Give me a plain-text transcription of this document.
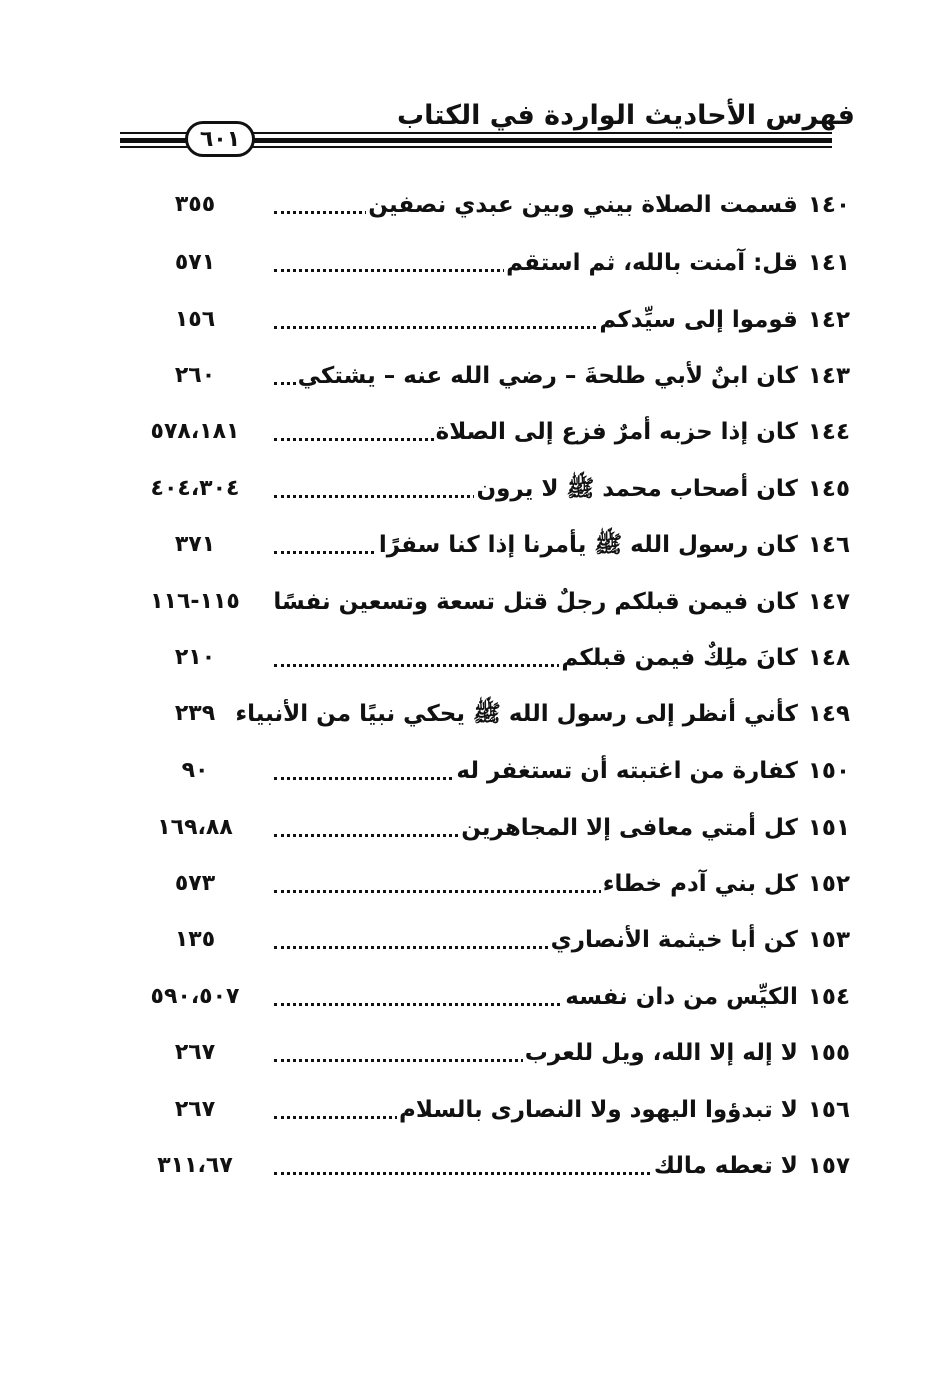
فهرس الأحاديث الواردة في الكتاب
٦٠١
١٤٠قسمت الصلاة بيني وبين عبدي نصفين
٣٥٥
١٤١قل: آمنت بالله، ثم استقم
٥٧١
١٤٢قوموا إلى سيِّدكم
١٥٦
١٤٣كان ابنٌ لأبي طلحةَ – رضي الله عنه – يشتكي
٢٦٠
١٤٤كان إذا حزبه أمرٌ فزع إلى الصلاة
٥٧٨،١٨١
١٤٥كان أصحاب محمد ﷺ لا يرون
٤٠٤،٣٠٤
١٤٦كان رسول الله ﷺ يأمرنا إذا كنا سفرًا
٣٧١
١٤٧كان فيمن قبلكم رجلٌ قتل تسعة وتسعين نفسًا
١١٥-١١٦
١٤٨كانَ ملِكٌ فيمن قبلكم
٢١٠
١٤٩كأني أنظر إلى رسول الله ﷺ يحكي نبيًا من الأنبياء
٢٣٩
١٥٠كفارة من اغتبته أن تستغفر له
٩٠
١٥١كل أمتي معافى إلا المجاهرين
١٦٩،٨٨
١٥٢كل بني آدم خطاء
٥٧٣
١٥٣كن أبا خيثمة الأنصاري
١٣٥
١٥٤الكيِّس من دان نفسه
٥٩٠،٥٠٧
١٥٥لا إله إلا الله، ويل للعرب
٢٦٧
١٥٦لا تبدؤوا اليهود ولا النصارى بالسلام
٢٦٧
١٥٧لا تعطه مالك
٣١١،٦٧
